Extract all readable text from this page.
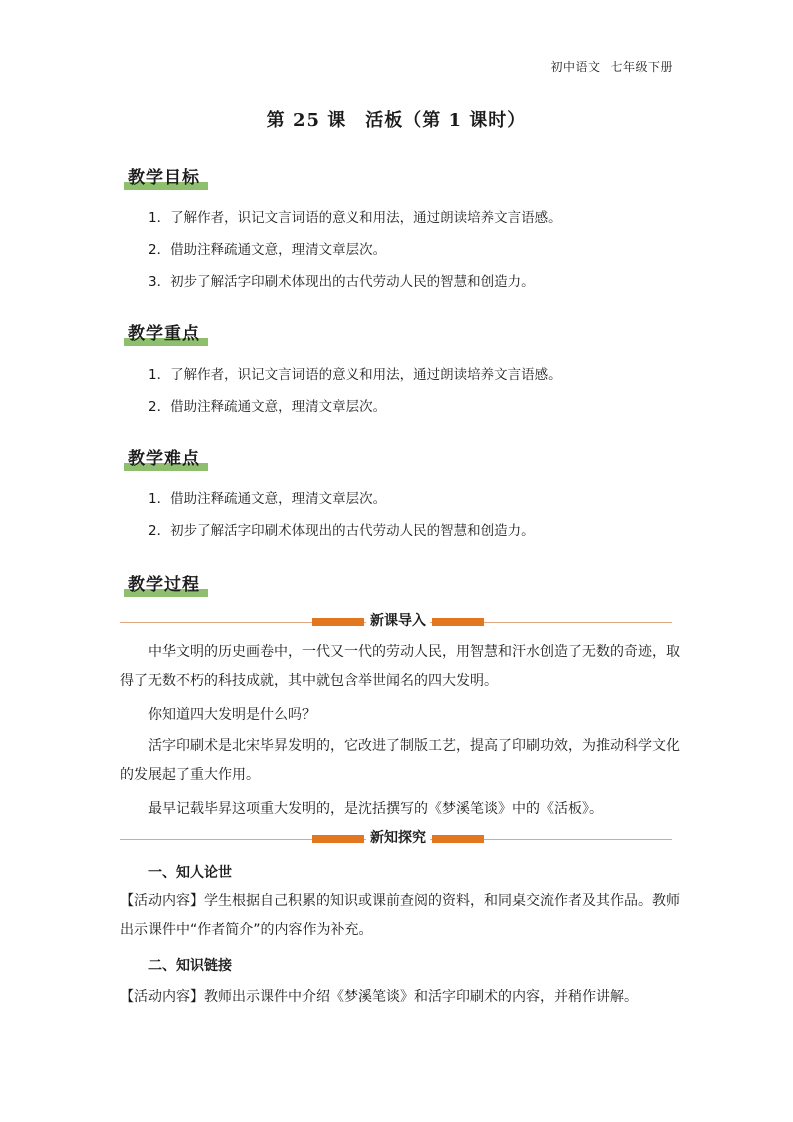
初中语文 七年级下册
第 25 课　活板（第 1 课时）
教学目标
1．了解作者，识记文言词语的意义和用法，通过朗读培养文言语感。
2．借助注释疏通文意，理清文章层次。
3．初步了解活字印刷术体现出的古代劳动人民的智慧和创造力。
教学重点
1．了解作者，识记文言词语的意义和用法，通过朗读培养文言语感。
2．借助注释疏通文意，理清文章层次。
教学难点
1．借助注释疏通文意，理清文章层次。
2．初步了解活字印刷术体现出的古代劳动人民的智慧和创造力。
教学过程
新课导入
中华文明的历史画卷中，一代又一代的劳动人民，用智慧和汗水创造了无数的奇迹，取得了无数不朽的科技成就，其中就包含举世闻名的四大发明。
你知道四大发明是什么吗？
活字印刷术是北宋毕昇发明的，它改进了制版工艺，提高了印刷功效，为推动科学文化的发展起了重大作用。
最早记载毕昇这项重大发明的，是沈括撰写的《梦溪笔谈》中的《活板》。
新知探究
一、知人论世
【活动内容】学生根据自己积累的知识或课前查阅的资料，和同桌交流作者及其作品。教师出示课件中“作者简介”的内容作为补充。
二、知识链接
【活动内容】教师出示课件中介绍《梦溪笔谈》和活字印刷术的内容，并稍作讲解。
